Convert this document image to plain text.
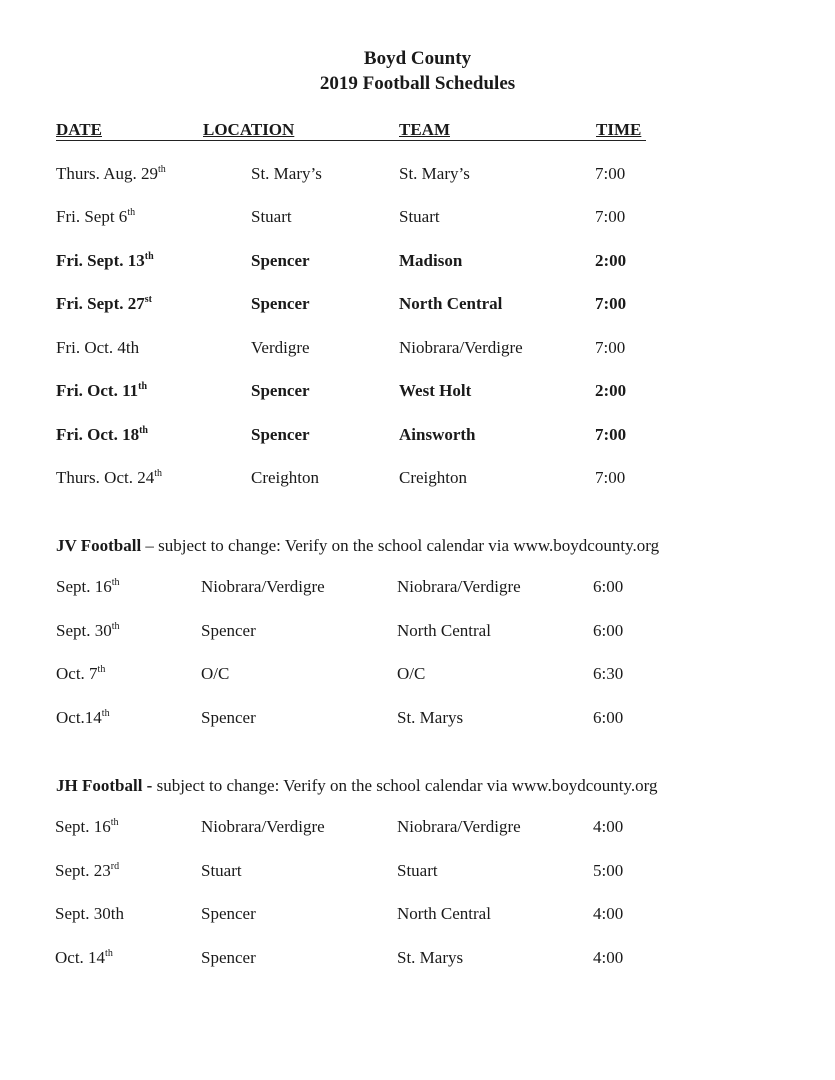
Boyd County
2019 Football Schedules
DATE	LOCATION	TEAM	TIME
Thurs. Aug. 29th	St. Mary’s	St. Mary’s	7:00
Fri. Sept 6th	Stuart	Stuart	7:00
Fri. Sept. 13th	Spencer	Madison	2:00
Fri. Sept. 27st	Spencer	North Central	7:00
Fri. Oct. 4th	Verdigre	Niobrara/Verdigre	7:00
Fri. Oct. 11th	Spencer	West Holt	2:00
Fri. Oct. 18th	Spencer	Ainsworth	7:00
Thurs. Oct. 24th	Creighton	Creighton	7:00
JV Football – subject to change: Verify on the school calendar via www.boydcounty.org
Sept. 16th	Niobrara/Verdigre	Niobrara/Verdigre	6:00
Sept. 30th	Spencer	North Central	6:00
Oct. 7th	O/C	O/C	6:30
Oct.14th	Spencer	St. Marys	6:00
JH Football - subject to change: Verify on the school calendar via www.boydcounty.org
Sept. 16th	Niobrara/Verdigre	Niobrara/Verdigre	4:00
Sept. 23rd	Stuart	Stuart	5:00
Sept. 30th	Spencer	North Central	4:00
Oct. 14th	Spencer	St. Marys	4:00
